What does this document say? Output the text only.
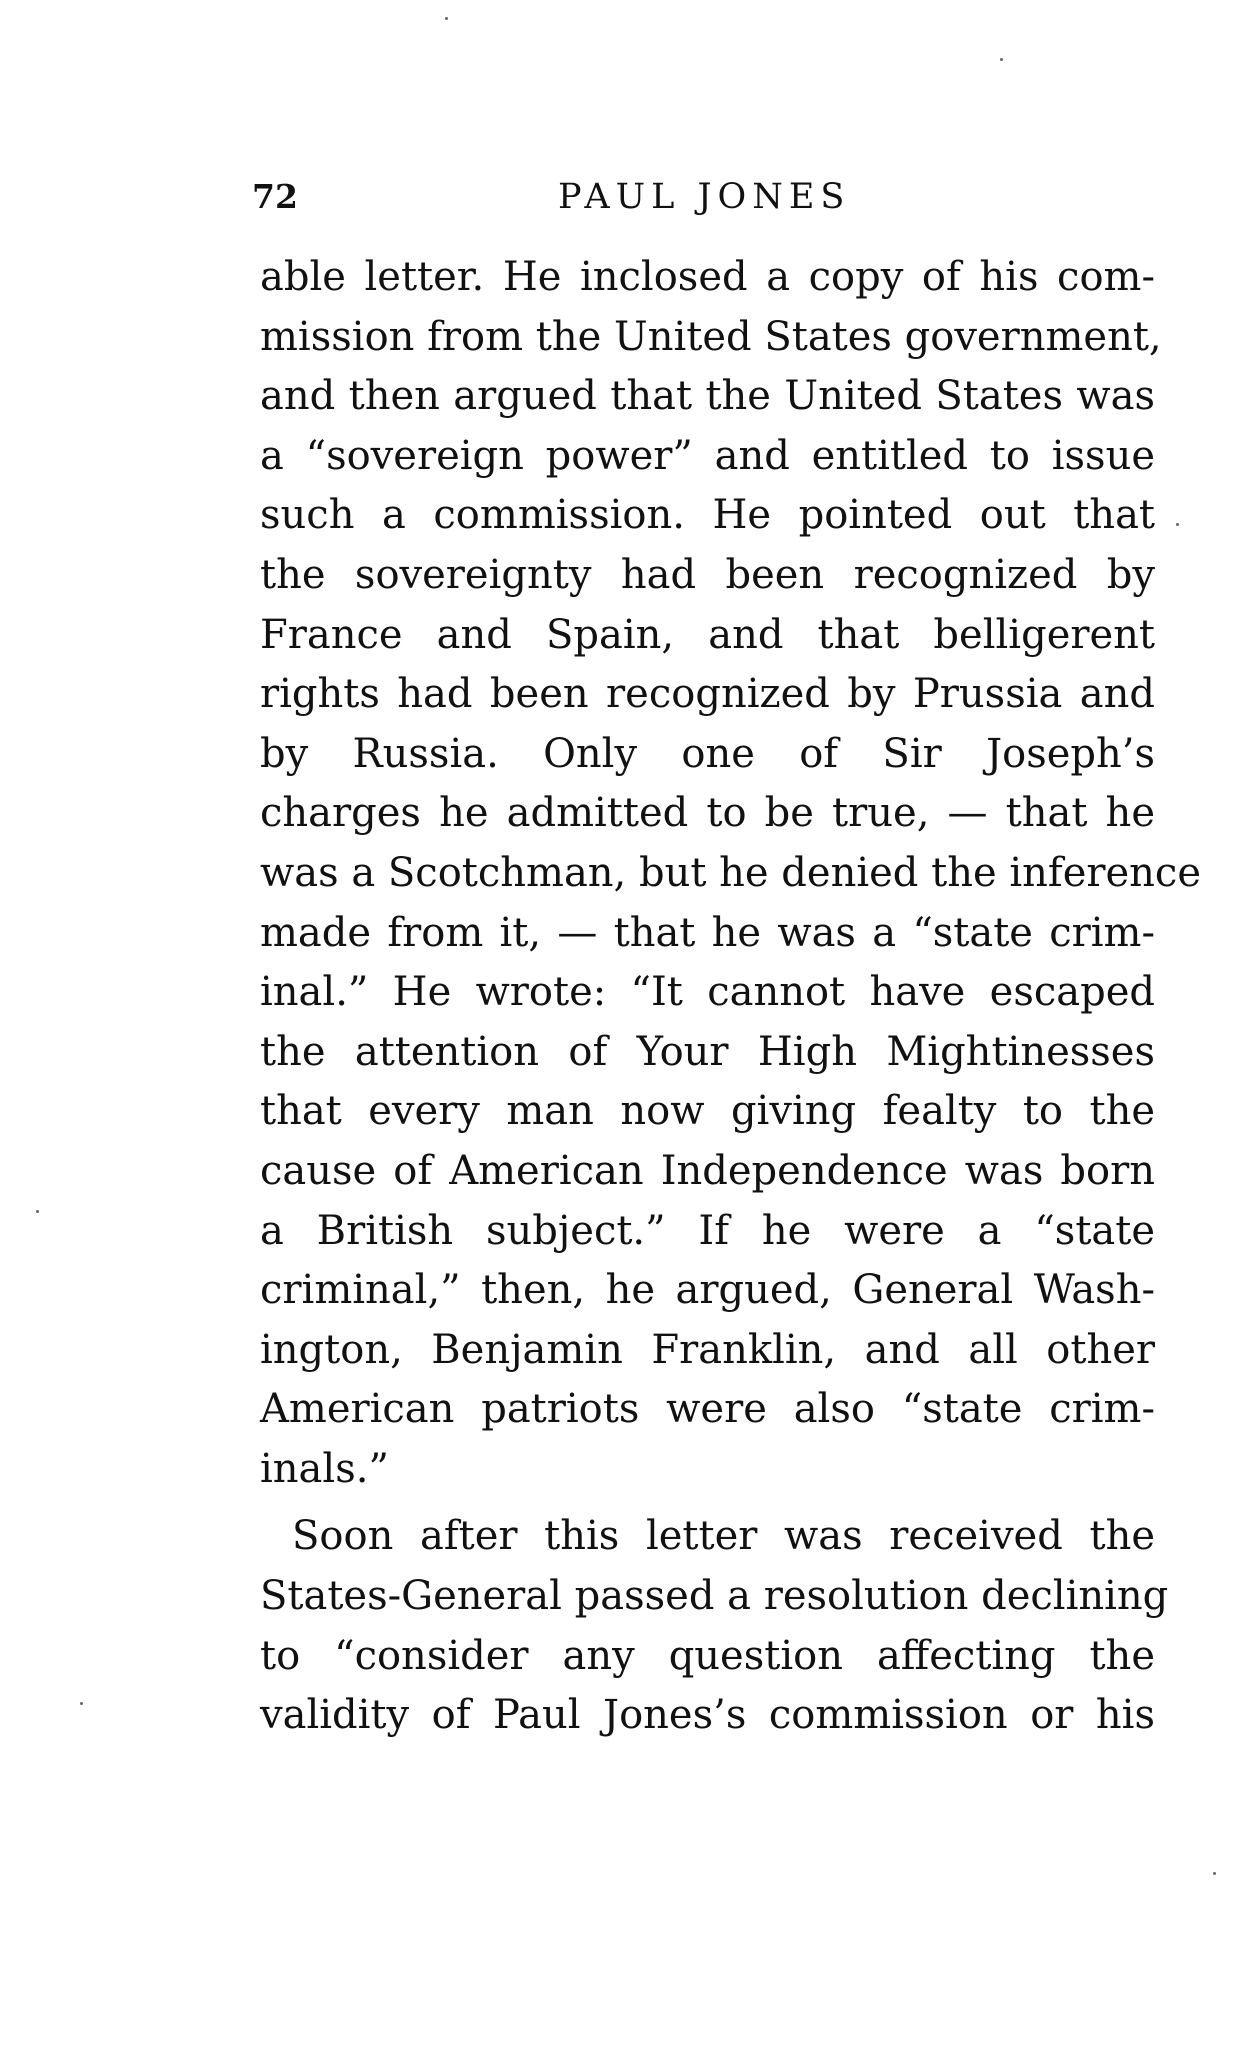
72	PAUL JONES
able letter. He inclosed a copy of his com-
mission from the United States government,
and then argued that the United States was
a “sovereign power” and entitled to issue
such a commission. He pointed out that
the sovereignty had been recognized by
France and Spain, and that belligerent
rights had been recognized by Prussia and
by Russia. Only one of Sir Joseph’s
charges he admitted to be true, — that he
was a Scotchman, but he denied the inference
made from it, — that he was a “state crim-
inal.” He wrote: “It cannot have escaped
the attention of Your High Mightinesses
that every man now giving fealty to the
cause of American Independence was born
a British subject.” If he were a “state
criminal,” then, he argued, General Wash-
ington, Benjamin Franklin, and all other
American patriots were also “state crim-
inals.”
Soon after this letter was received the
States-General passed a resolution declining
to “consider any question affecting the
validity of Paul Jones’s commission or his
